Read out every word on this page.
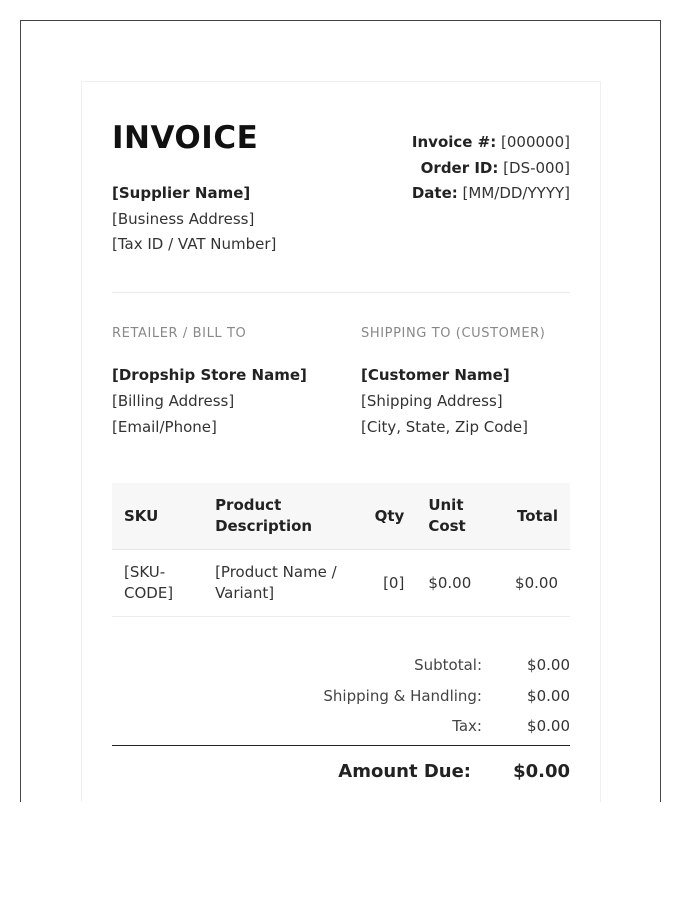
INVOICE
[Supplier Name]
[Business Address]
[Tax ID / VAT Number]
Invoice #: [000000]
Order ID: [DS-000]
Date: [MM/DD/YYYY]
RETAILER / BILL TO
[Dropship Store Name]
[Billing Address]
[Email/Phone]
SHIPPING TO (CUSTOMER)
[Customer Name]
[Shipping Address]
[City, State, Zip Code]
SKU	Product Description	Qty	Unit Cost	Total
[SKU-CODE]	[Product Name / Variant]	[0]	$0.00	$0.00
Subtotal:	$0.00
Shipping & Handling:	$0.00
Tax:	$0.00
Amount Due:	$0.00
